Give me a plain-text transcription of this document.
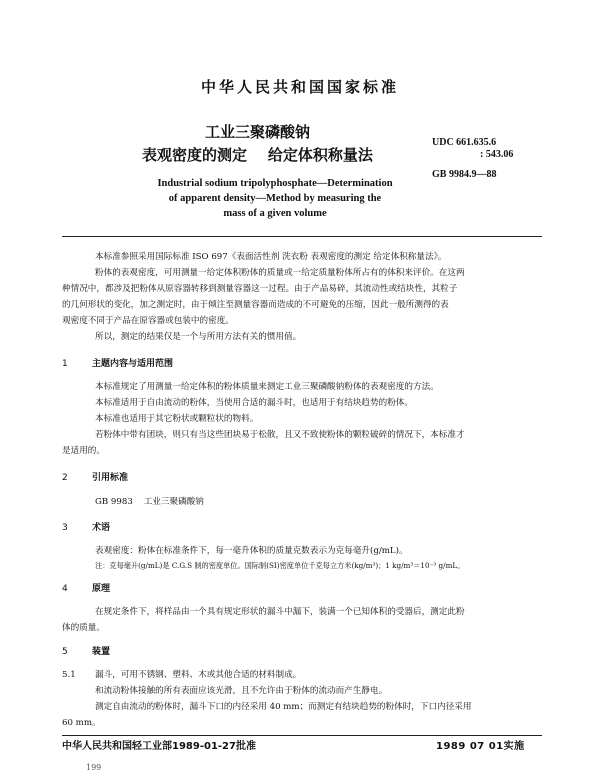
中华人民共和国国家标准
工业三聚磷酸钠
表观密度的测定    给定体积称量法
UDC 661.635.6
: 543.06
GB 9984.9—88
Industrial sodium tripolyphosphate—Determination
of apparent density—Method by measuring the
mass of a given volume
本标准参照采用国际标准 ISO 697《表面活性剂 洗衣粉 表观密度的测定 给定体积称量法》。
粉体的表观密度，可用测量一给定体积粉体的质量或一给定质量粉体所占有的体积来评价。在这两
种情况中，都涉及把粉体从原容器转移到测量容器这一过程。由于产品易碎，其流动性或结块性，其粒子
的几何形状的变化，加之测定时，由于倾注至测量容器而造成的不可避免的压缩，因此一般所测得的表
观密度不同于产品在原容器或包装中的密度。
所以，测定的结果仅是一个与所用方法有关的惯用值。
1	主题内容与适用范围
本标准规定了用测量一给定体积的粉体质量来测定工业三聚磷酸钠粉体的表观密度的方法。
本标准适用于自由流动的粉体，当使用合适的漏斗时，也适用于有结块趋势的粉体。
本标准也适用于其它粉状或颗粒状的物料。
若粉体中带有团块，则只有当这些团块易于松散，且又不致使粉体的颗粒破碎的情况下，本标准才
是适用的。
2	引用标准
GB 9983    工业三聚磷酸钠
3	术语
表观密度：粉体在标准条件下，每一毫升体积的质量克数表示为克每毫升(g/mL)。
注：克每毫升(g/mL)是 C.G.S 制的密度单位。国际制(SI)密度单位千克每立方米(kg/m³)；1 kg/m³＝10⁻³ g/mL。
4	原理
在规定条件下，将样品由一个具有规定形状的漏斗中漏下，装满一个已知体积的受器后，测定此粉
体的质量。
5	装置
5.1 漏斗，可用不锈钢、塑料、木或其他合适的材料制成。
和流动粉体接触的所有表面应该光滑，且不允许由于粉体的流动而产生静电。
测定自由流动的粉体时，漏斗下口的内径采用 40 mm；而测定有结块趋势的粉体时，下口内径采用
60 mm。
中华人民共和国轻工业部1989-01-27批准	1989 07 01实施
199
